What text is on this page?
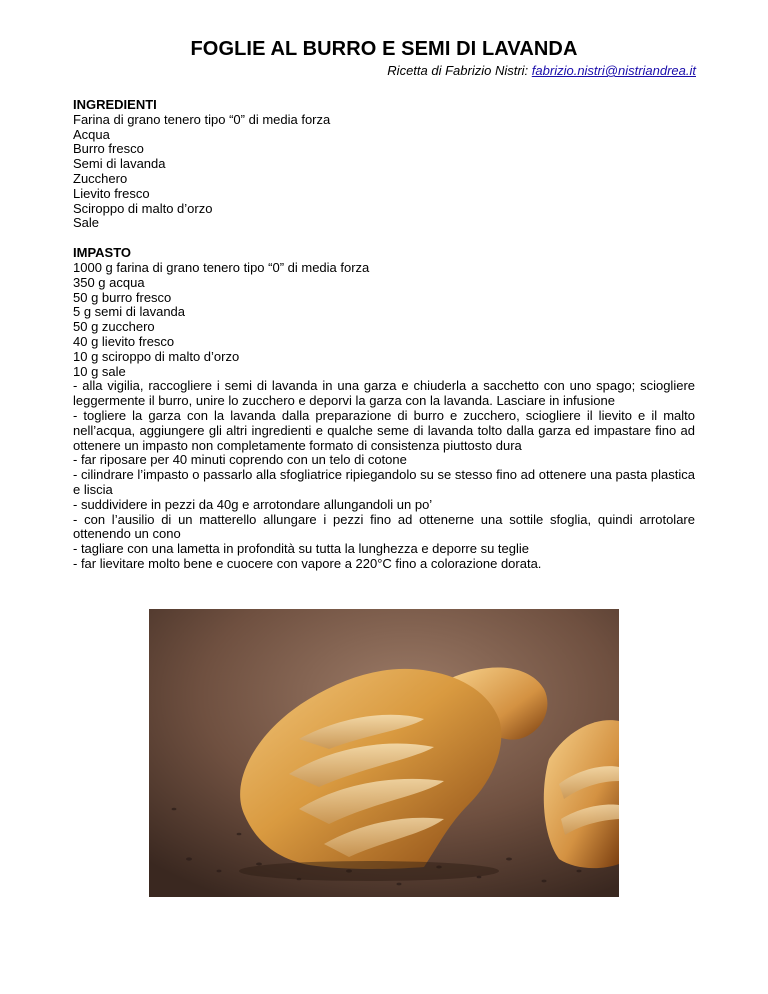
FOGLIE AL BURRO E SEMI DI LAVANDA
Ricetta di Fabrizio Nistri: fabrizio.nistri@nistriandrea.it

INGREDIENTI

Farina di grano tenero tipo “0” di media forza

Acqua

Burro fresco

Semi di lavanda

Zucchero

Lievito fresco

Sciroppo di malto d’orzo

Sale

IMPASTO

1000 g farina di grano tenero tipo “0” di media forza

350 g acqua

50 g burro fresco

5 g semi di lavanda

50 g zucchero

40 g lievito fresco

10 g sciroppo di malto d’orzo

10 g sale

- alla vigilia, raccogliere i semi di lavanda in una garza e chiuderla a sacchetto con uno spago; sciogliere leggermente il burro, unire lo zucchero e deporvi la garza con la lavanda. Lasciare in infusione

- togliere la garza con la lavanda dalla preparazione di burro e zucchero, sciogliere il lievito e il malto nell’acqua, aggiungere gli altri ingredienti e qualche seme di lavanda tolto dalla garza ed impastare fino ad ottenere un impasto non completamente formato di consistenza piuttosto dura

- far riposare per 40 minuti coprendo con un telo di cotone

- cilindrare l’impasto o passarlo alla sfogliatrice ripiegandolo su se stesso fino ad ottenere una pasta plastica e liscia

- suddividere in pezzi da 40g e arrotondare allungandoli un po’

- con l’ausilio di un matterello allungare i pezzi fino ad ottenerne una sottile sfoglia, quindi arrotolare ottenendo un cono

- tagliare con una lametta in profondità su tutta la lunghezza e deporre su teglie

- far lievitare molto bene e cuocere con vapore a 220°C fino a colorazione dorata.
